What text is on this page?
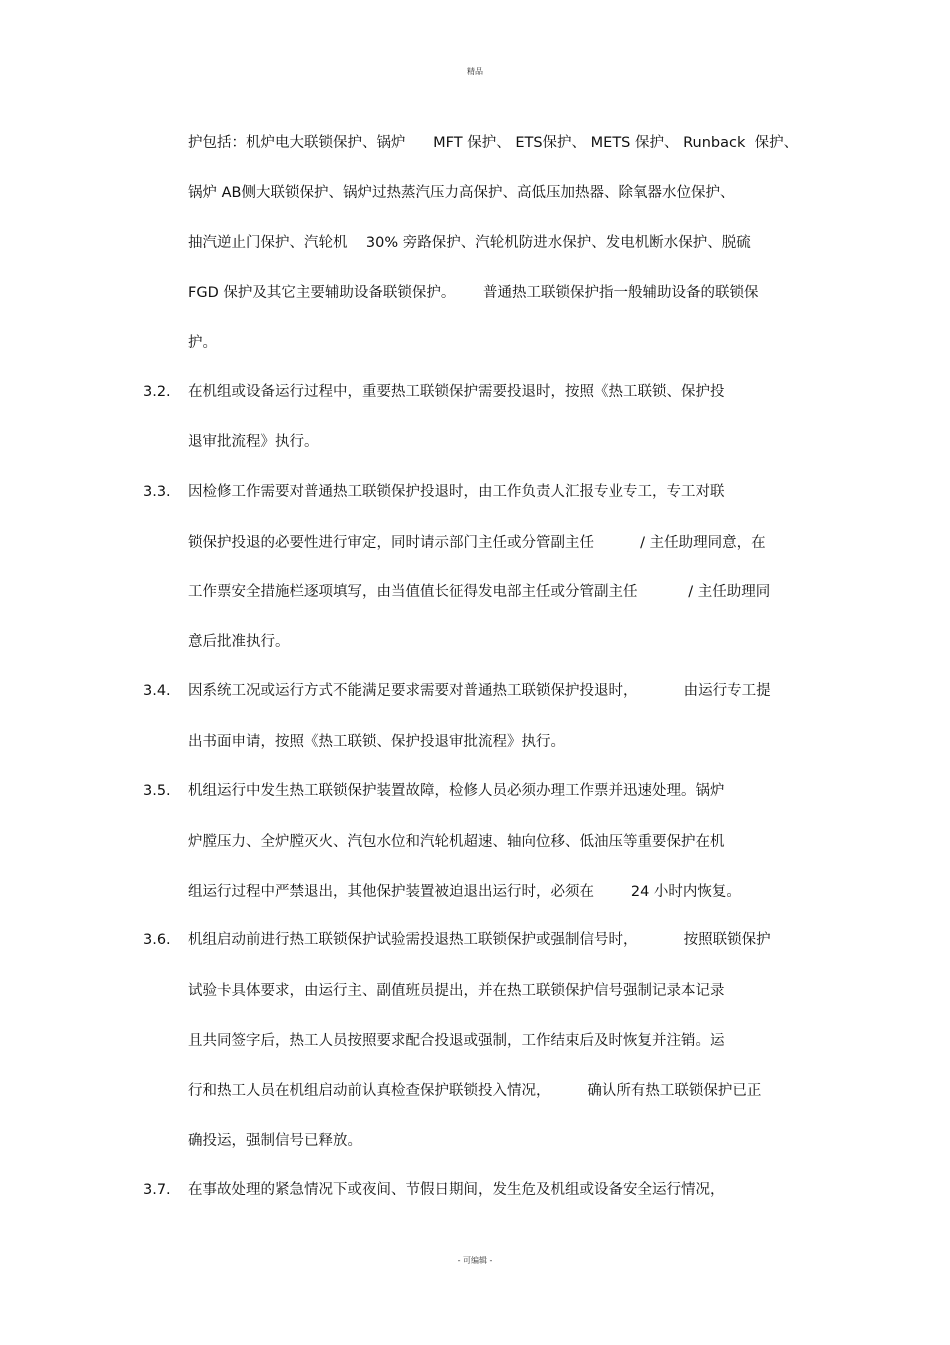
精品
护包括：机炉电大联锁保护、锅炉      MFT 保护、 ETS保护、 METS 保护、 Runback  保护、
锅炉 AB侧大联锁保护、锅炉过热蒸汽压力高保护、高低压加热器、除氧器水位保护、
抽汽逆止门保护、汽轮机    30% 旁路保护、汽轮机防进水保护、发电机断水保护、脱硫
FGD 保护及其它主要辅助设备联锁保护。      普通热工联锁保护指一般辅助设备的联锁保
护。
3.2. 在机组或设备运行过程中，重要热工联锁保护需要投退时，按照《热工联锁、保护投
退审批流程》执行。
3.3. 因检修工作需要对普通热工联锁保护投退时，由工作负责人汇报专业专工，专工对联
锁保护投退的必要性进行审定，同时请示部门主任或分管副主任          / 主任助理同意，在
工作票安全措施栏逐项填写，由当值值长征得发电部主任或分管副主任           / 主任助理同
意后批准执行。
3.4. 因系统工况或运行方式不能满足要求需要对普通热工联锁保护投退时，          由运行专工提
出书面申请，按照《热工联锁、保护投退审批流程》执行。
3.5. 机组运行中发生热工联锁保护装置故障，检修人员必须办理工作票并迅速处理。锅炉
炉膛压力、全炉膛灭火、汽包水位和汽轮机超速、轴向位移、低油压等重要保护在机
组运行过程中严禁退出，其他保护装置被迫退出运行时，必须在        24 小时内恢复。
3.6. 机组启动前进行热工联锁保护试验需投退热工联锁保护或强制信号时，          按照联锁保护
试验卡具体要求，由运行主、副值班员提出，并在热工联锁保护信号强制记录本记录
且共同签字后，热工人员按照要求配合投退或强制，工作结束后及时恢复并注销。运
行和热工人员在机组启动前认真检查保护联锁投入情况，        确认所有热工联锁保护已正
确投运，强制信号已释放。
3.7. 在事故处理的紧急情况下或夜间、节假日期间，发生危及机组或设备安全运行情况，
- 可编辑 -
